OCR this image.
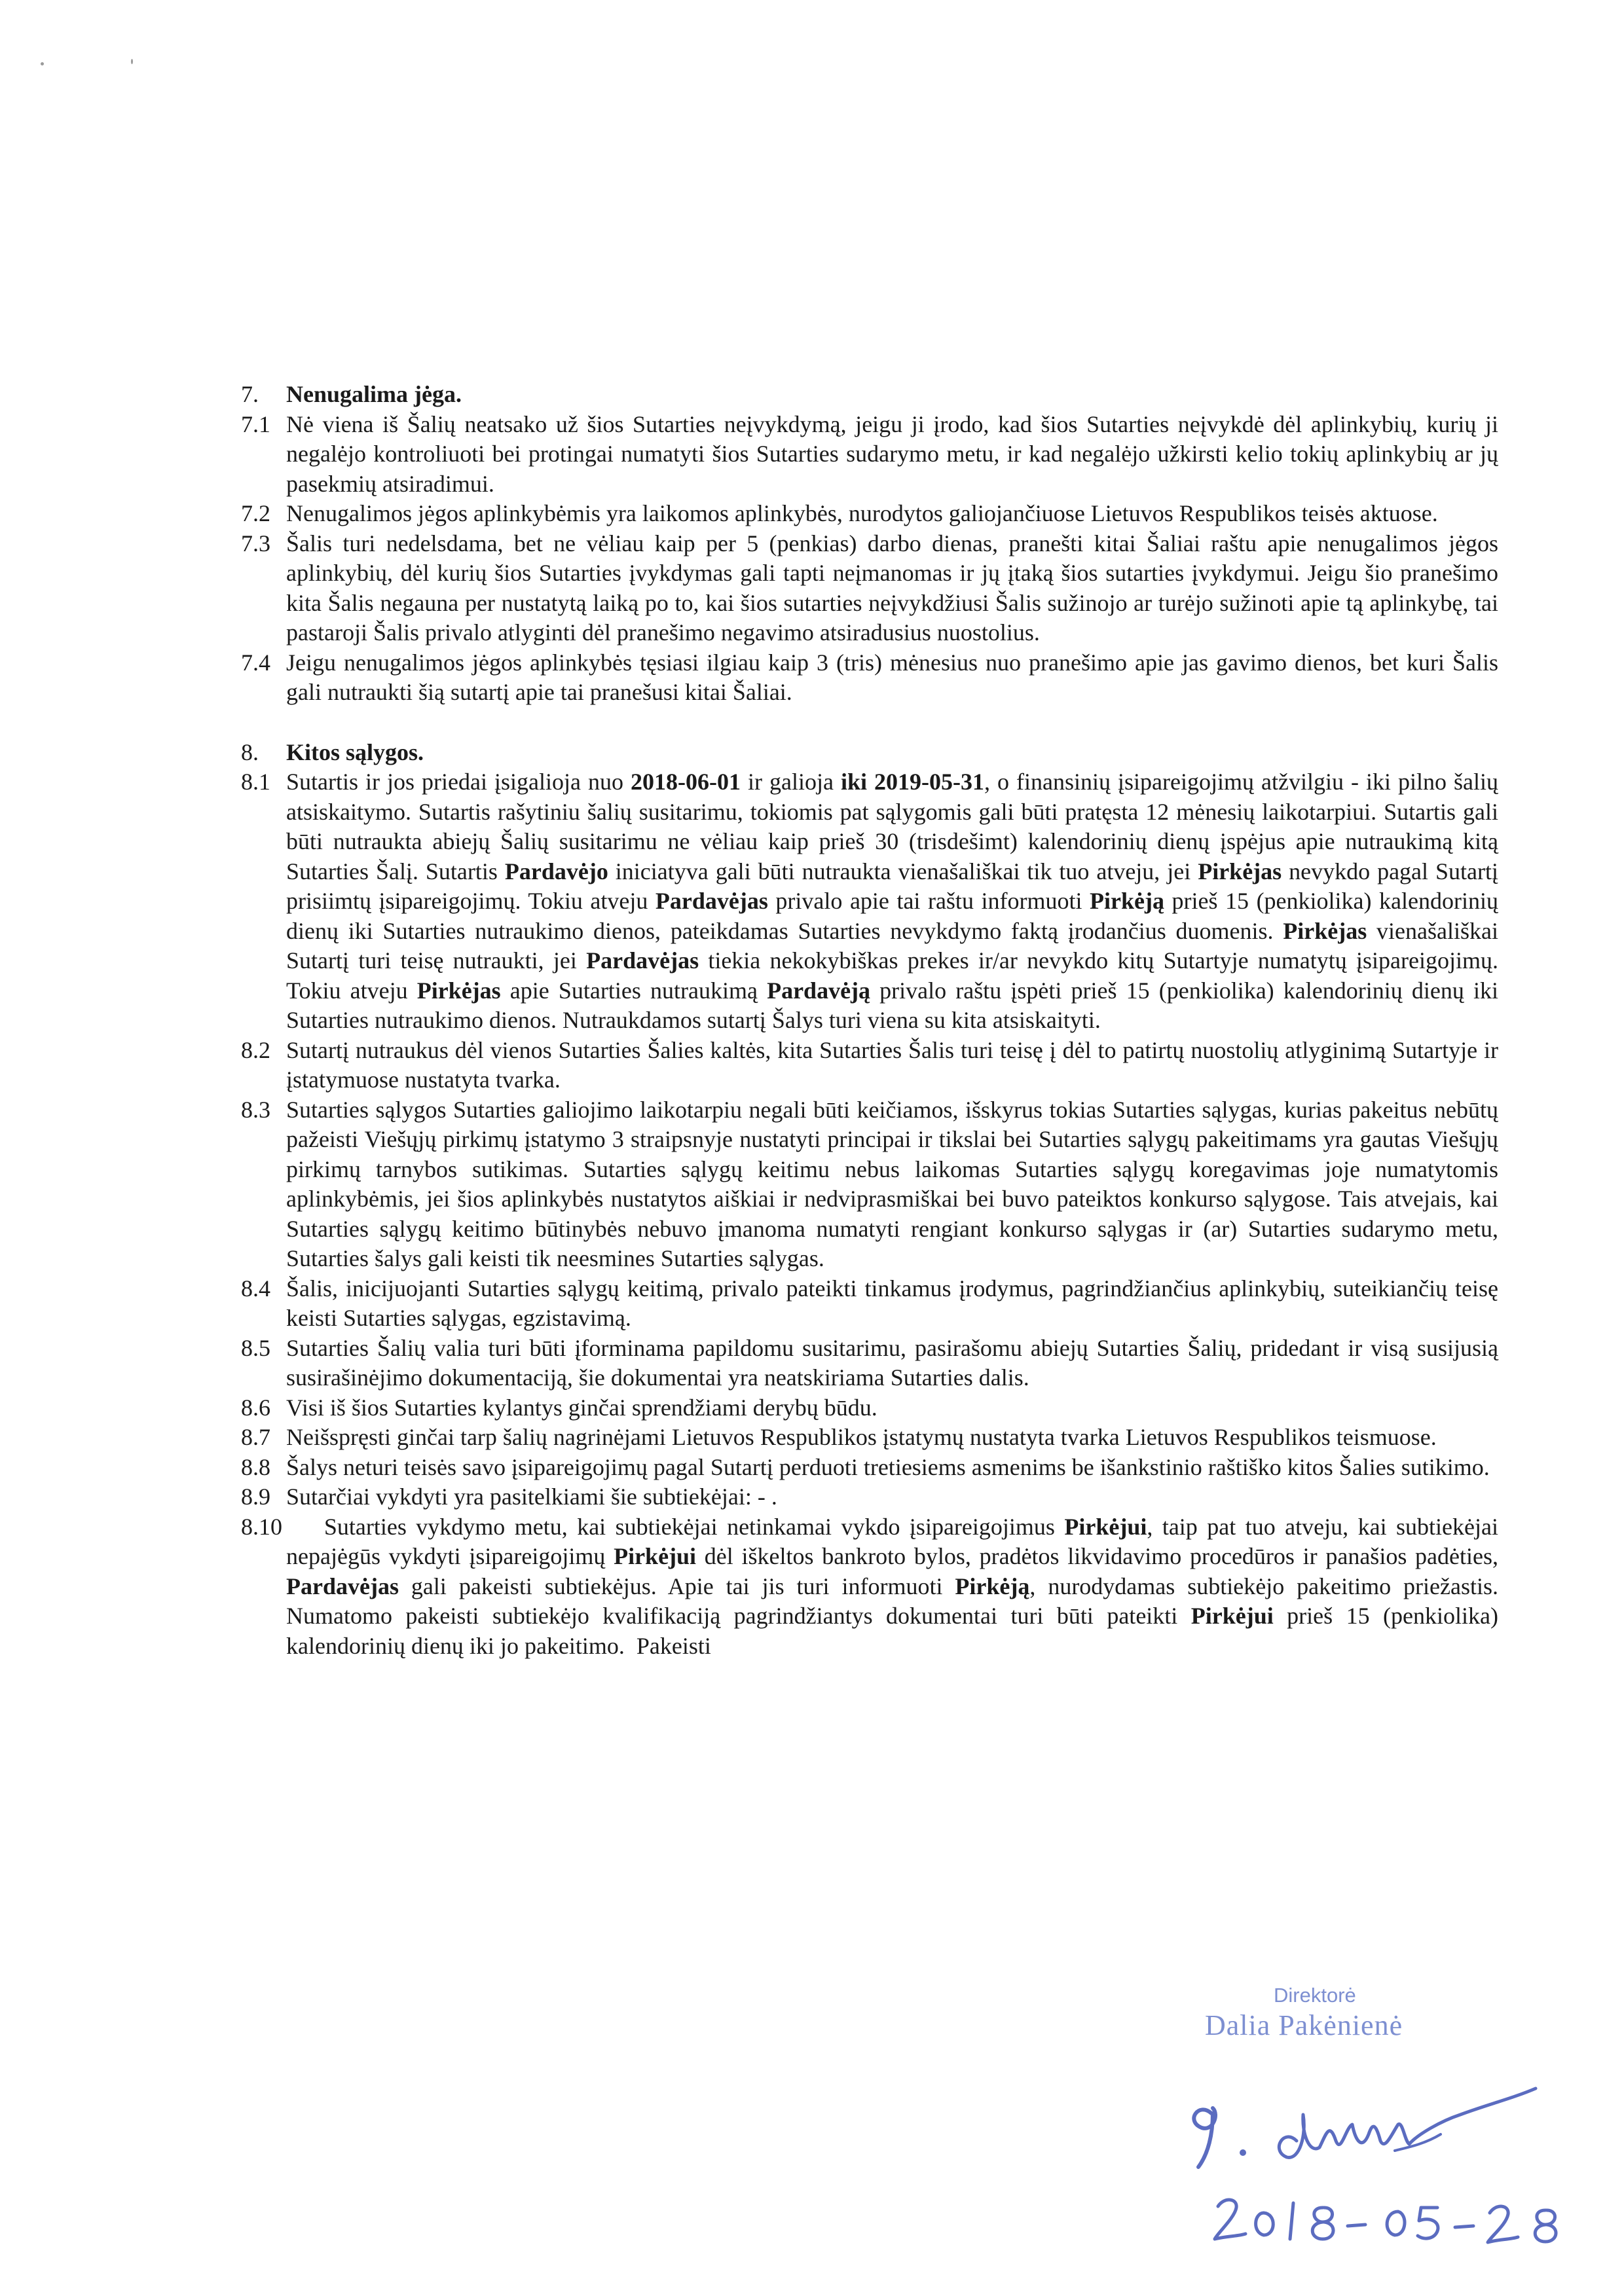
7. Nenugalima jėga.
7.1 Nė viena iš Šalių neatsako už šios Sutarties neįvykdymą, jeigu ji įrodo, kad šios Sutarties neįvykdė dėl aplinkybių, kurių ji negalėjo kontroliuoti bei protingai numatyti šios Sutarties sudarymo metu, ir kad negalėjo užkirsti kelio tokių aplinkybių ar jų pasekmių atsiradimui.
7.2 Nenugalimos jėgos aplinkybėmis yra laikomos aplinkybės, nurodytos galiojančiuose Lietuvos Respublikos teisės aktuose.
7.3 Šalis turi nedelsdama, bet ne vėliau kaip per 5 (penkias) darbo dienas, pranešti kitai Šaliai raštu apie nenugalimos jėgos aplinkybių, dėl kurių šios Sutarties įvykdymas gali tapti neįmanomas ir jų įtaką šios sutarties įvykdymui. Jeigu šio pranešimo kita Šalis negauna per nustatytą laiką po to, kai šios sutarties neįvykdžiusi Šalis sužinojo ar turėjo sužinoti apie tą aplinkybę, tai pastaroji Šalis privalo atlyginti dėl pranešimo negavimo atsiradusius nuostolius.
7.4 Jeigu nenugalimos jėgos aplinkybės tęsiasi ilgiau kaip 3 (tris) mėnesius nuo pranešimo apie jas gavimo dienos, bet kuri Šalis gali nutraukti šią sutartį apie tai pranešusi kitai Šaliai.
8. Kitos sąlygos.
8.1 Sutartis ir jos priedai įsigalioja nuo 2018-06-01 ir galioja iki 2019-05-31, o finansinių įsipareigojimų atžvilgiu - iki pilno šalių atsiskaitymo. Sutartis rašytiniu šalių susitarimu, tokiomis pat sąlygomis gali būti pratęsta 12 mėnesių laikotarpiui. Sutartis gali būti nutraukta abiejų Šalių susitarimu ne vėliau kaip prieš 30 (trisdešimt) kalendorinių dienų įspėjus apie nutraukimą kitą Sutarties Šalį. Sutartis Pardavėjo iniciatyva gali būti nutraukta vienašališkai tik tuo atveju, jei Pirkėjas nevykdo pagal Sutartį prisiimtų įsipareigojimų. Tokiu atveju Pardavėjas privalo apie tai raštu informuoti Pirkėją prieš 15 (penkiolika) kalendorinių dienų iki Sutarties nutraukimo dienos, pateikdamas Sutarties nevykdymo faktą įrodančius duomenis. Pirkėjas vienašališkai Sutartį turi teisę nutraukti, jei Pardavėjas tiekia nekokybiškas prekes ir/ar nevykdo kitų Sutartyje numatytų įsipareigojimų. Tokiu atveju Pirkėjas apie Sutarties nutraukimą Pardavėją privalo raštu įspėti prieš 15 (penkiolika) kalendorinių dienų iki Sutarties nutraukimo dienos. Nutraukdamos sutartį Šalys turi viena su kita atsiskaityti.
8.2 Sutartį nutraukus dėl vienos Sutarties Šalies kaltės, kita Sutarties Šalis turi teisę į dėl to patirtų nuostolių atlyginimą Sutartyje ir įstatymuose nustatyta tvarka.
8.3 Sutarties sąlygos Sutarties galiojimo laikotarpiu negali būti keičiamos, išskyrus tokias Sutarties sąlygas, kurias pakeitus nebūtų pažeisti Viešųjų pirkimų įstatymo 3 straipsnyje nustatyti principai ir tikslai bei Sutarties sąlygų pakeitimams yra gautas Viešųjų pirkimų tarnybos sutikimas. Sutarties sąlygų keitimu nebus laikomas Sutarties sąlygų koregavimas joje numatytomis aplinkybėmis, jei šios aplinkybės nustatytos aiškiai ir nedviprasmiškai bei buvo pateiktos konkurso sąlygose. Tais atvejais, kai Sutarties sąlygų keitimo būtinybės nebuvo įmanoma numatyti rengiant konkurso sąlygas ir (ar) Sutarties sudarymo metu, Sutarties šalys gali keisti tik neesmines Sutarties sąlygas.
8.4 Šalis, inicijuojanti Sutarties sąlygų keitimą, privalo pateikti tinkamus įrodymus, pagrindžiančius aplinkybių, suteikiančių teisę keisti Sutarties sąlygas, egzistavimą.
8.5 Sutarties Šalių valia turi būti įforminama papildomu susitarimu, pasirašomu abiejų Sutarties Šalių, pridedant ir visą susijusią susirašinėjimo dokumentaciją, šie dokumentai yra neatskiriama Sutarties dalis.
8.6 Visi iš šios Sutarties kylantys ginčai sprendžiami derybų būdu.
8.7 Neišspręsti ginčai tarp šalių nagrinėjami Lietuvos Respublikos įstatymų nustatyta tvarka Lietuvos Respublikos teismuose.
8.8 Šalys neturi teisės savo įsipareigojimų pagal Sutartį perduoti tretiesiems asmenims be išankstinio raštiško kitos Šalies sutikimo.
8.9 Sutarčiai vykdyti yra pasitelkiami šie subtiekėjai: - .
8.10    Sutarties vykdymo metu, kai subtiekėjai netinkamai vykdo įsipareigojimus Pirkėjui, taip pat tuo atveju, kai subtiekėjai nepajėgūs vykdyti įsipareigojimų Pirkėjui dėl iškeltos bankroto bylos, pradėtos likvidavimo procedūros ir panašios padėties, Pardavėjas gali pakeisti subtiekėjus. Apie tai jis turi informuoti Pirkėją, nurodydamas subtiekėjo pakeitimo priežastis. Numatomo pakeisti subtiekėjo kvalifikaciją pagrindžiantys dokumentai turi būti pateikti Pirkėjui prieš 15 (penkiolika) kalendorinių dienų iki jo pakeitimo.  Pakeisti
Direktorė
Dalia Pakėnienė
